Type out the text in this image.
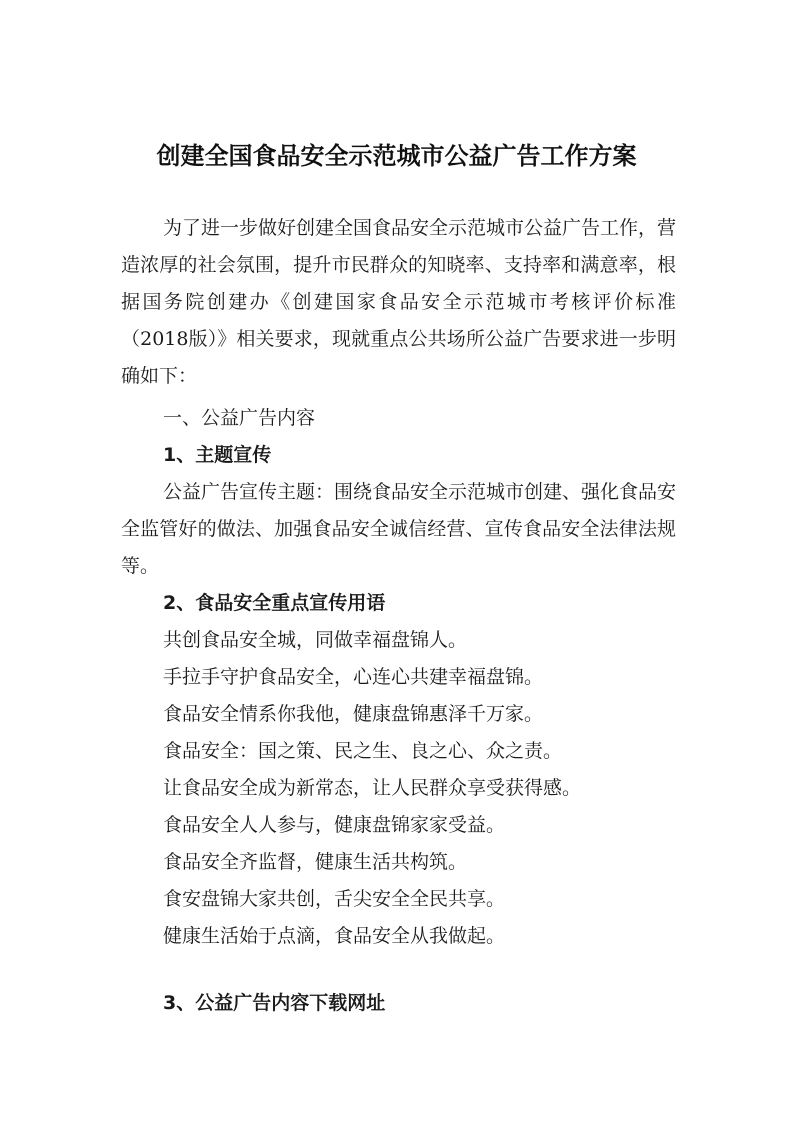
创建全国食品安全示范城市公益广告工作方案

为了进一步做好创建全国食品安全示范城市公益广告工作，营造浓厚的社会氛围，提升市民群众的知晓率、支持率和满意率，根据国务院创建办《创建国家食品安全示范城市考核评价标准（2018版）》相关要求，现就重点公共场所公益广告要求进一步明确如下：

一、公益广告内容

1、主题宣传

公益广告宣传主题：围绕食品安全示范城市创建、强化食品安全监管好的做法、加强食品安全诚信经营、宣传食品安全法律法规等。

2、食品安全重点宣传用语

共创食品安全城，同做幸福盘锦人。

手拉手守护食品安全，心连心共建幸福盘锦。

食品安全情系你我他，健康盘锦惠泽千万家。

食品安全：国之策、民之生、良之心、众之责。

让食品安全成为新常态，让人民群众享受获得感。

食品安全人人参与，健康盘锦家家受益。

食品安全齐监督，健康生活共构筑。

食安盘锦大家共创，舌尖安全全民共享。

健康生活始于点滴，食品安全从我做起。

3、公益广告内容下载网址
